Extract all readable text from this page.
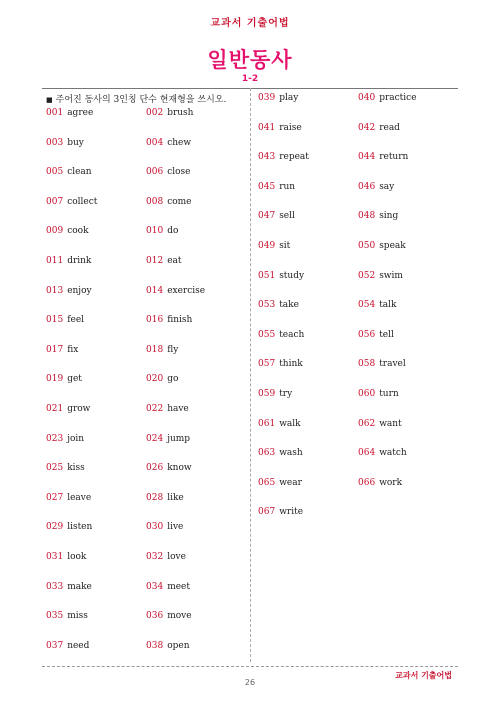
교과서 기출어법
일반동사
1-2
■ 주어진 동사의 3인칭 단수 현재형을 쓰시오.
001 agree
003 buy
005 clean
007 collect
009 cook
011 drink
013 enjoy
015 feel
017 fix
019 get
021 grow
023 join
025 kiss
027 leave
029 listen
031 look
033 make
035 miss
037 need
002 brush
004 chew
006 close
008 come
010 do
012 eat
014 exercise
016 finish
018 fly
020 go
022 have
024 jump
026 know
028 like
030 live
032 love
034 meet
036 move
038 open
039 play
041 raise
043 repeat
045 run
047 sell
049 sit
051 study
053 take
055 teach
057 think
059 try
061 walk
063 wash
065 wear
067 write
040 practice
042 read
044 return
046 say
048 sing
050 speak
052 swim
054 talk
056 tell
058 travel
060 turn
062 want
064 watch
066 work
교과서 기출어법
26
